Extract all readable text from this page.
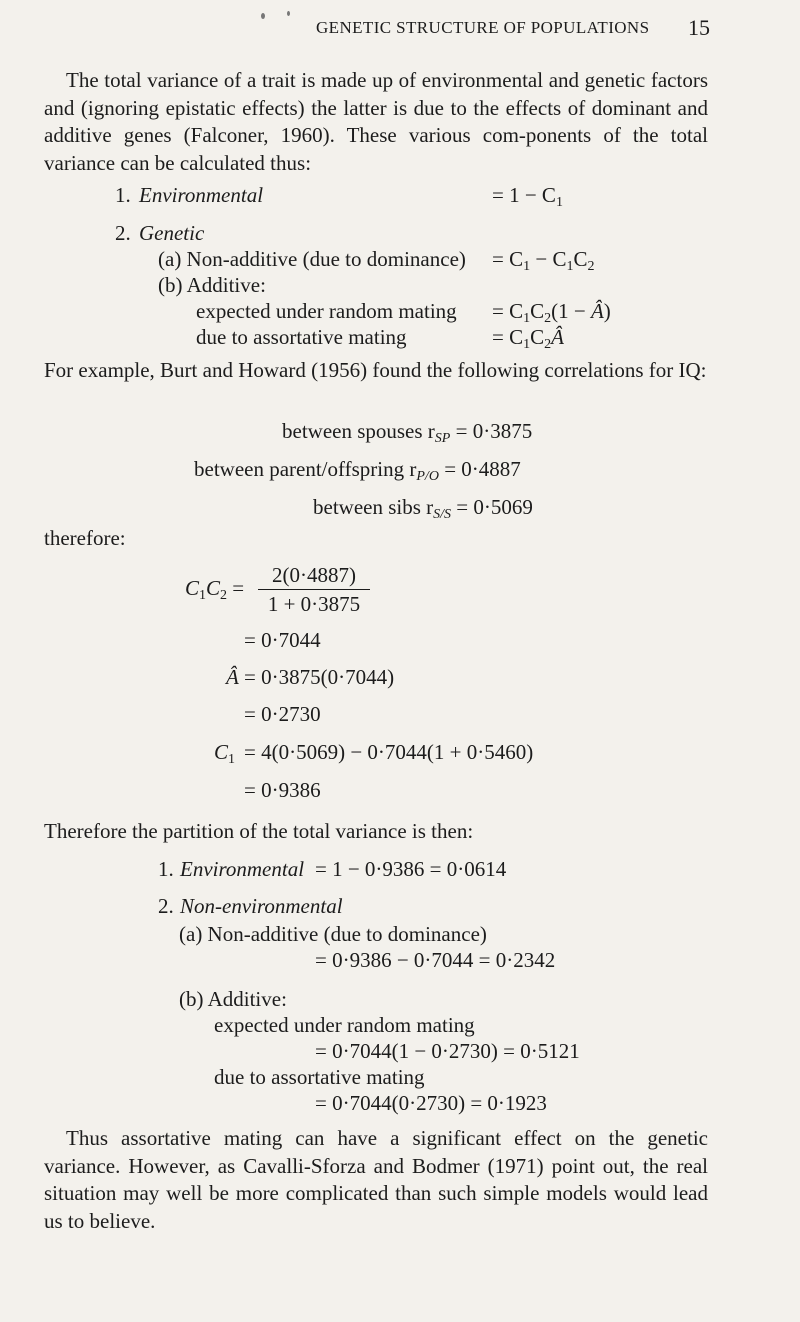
GENETIC STRUCTURE OF POPULATIONS 15
The total variance of a trait is made up of environmental and genetic factors and (ignoring epistatic effects) the latter is due to the effects of dominant and additive genes (Falconer, 1960). These various com-ponents of the total variance can be calculated thus:
1. Environmental	= $1 - C_1$
2. Genetic
(a) Non-additive (due to dominance) = $C_1 - C_1C_2$
(b) Additive:
expected under random mating = $C_1C_2(1$ − Â)
due to assortative mating	= $C_1C_2Â$
For example, Burt and Howard (1956) found the following correlations for IQ:
between spouses $r_{SP} = 0\cdot 3875$
between parent/offspring $r_{P/O} = 0\cdot 4887$
between sibs $r_{S/S} = 0\cdot 5069$
therefore:
$C_1C_2$ =
2(0·4887)
1 + 0·3875
= 0·7044
Â = 0·3875(0·7044)
= 0·2730
$C_1 = 4(0\cdot 5069) - 0\cdot 7044(1 + 0\cdot 5460)$
= 0·9386
Therefore the partition of the total variance is then:
1. Environmental = 1 − 0·9386 = 0·0614
2. Non-environmental
(a) Non-additive (due to dominance)
= 0·9386 − 0·7044 = 0·2342
(b) Additive:
expected under random mating
= 0·7044(1 − 0·2730) = 0·5121
due to assortative mating
= 0·7044(0·2730) = 0·1923
Thus assortative mating can have a significant effect on the genetic variance. However, as Cavalli-Sforza and Bodmer (1971) point out, the real situation may well be more complicated than such simple models would lead us to believe.
